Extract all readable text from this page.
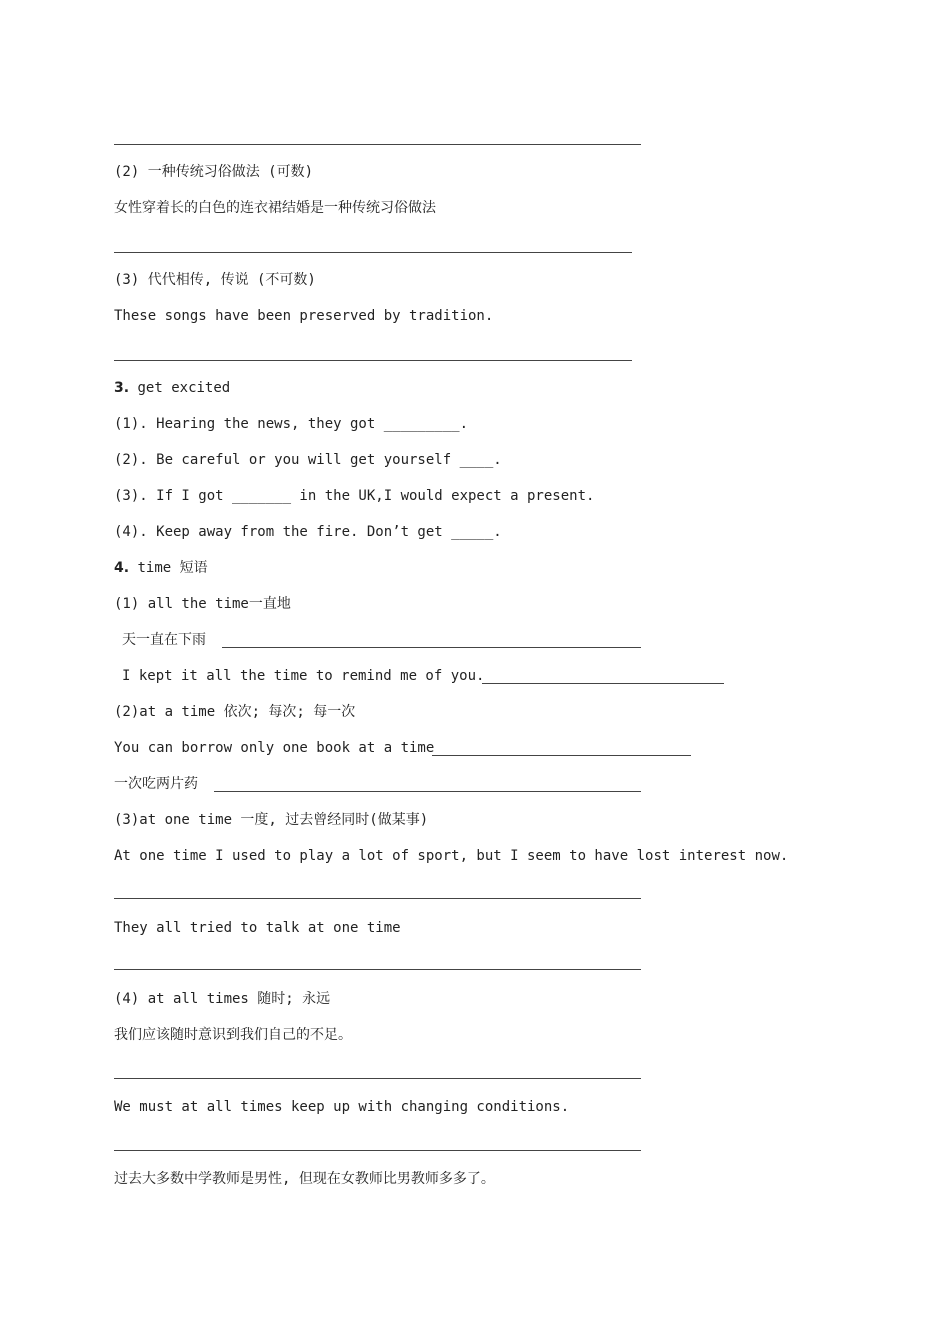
(2) 一种传统习俗做法 (可数)
女性穿着长的白色的连衣裙结婚是一种传统习俗做法
(3) 代代相传, 传说 (不可数)
These songs have been preserved by tradition.
3. get excited
(1). Hearing the news, they got _________.
(2). Be careful or you will get yourself ____.
(3). If I got _______ in the UK,I would expect a present.
(4). Keep away from the fire. Don’t get _____.
4. time 短语
(1) all the time一直地
天一直在下雨
I kept it all the time to remind me of you.
(2)at a time 依次; 每次; 每一次
You can borrow only one book at a time
一次吃两片药
(3)at one time 一度, 过去曾经同时(做某事)
At one time I used to play a lot of sport, but I seem to have lost interest now.
They all tried to talk at one time
(4) at all times 随时; 永远
我们应该随时意识到我们自己的不足。
We must at all times keep up with changing conditions.
过去大多数中学教师是男性, 但现在女教师比男教师多多了。
